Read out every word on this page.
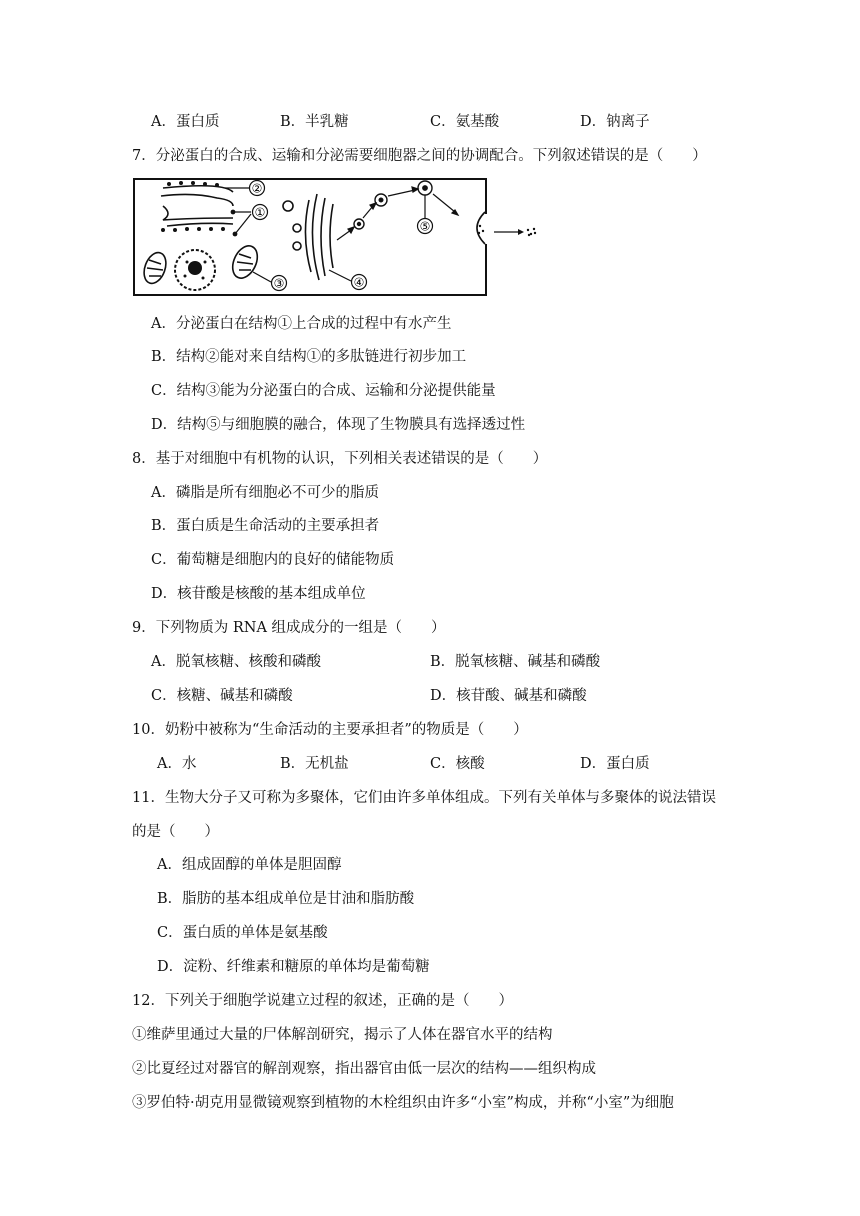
A．蛋白质	B．半乳糖	C．氨基酸	D．钠离子
7．分泌蛋白的合成、运输和分泌需要细胞器之间的协调配合。下列叙述错误的是（　　）
②
①
③	④
⑤
A．分泌蛋白在结构①上合成的过程中有水产生
B．结构②能对来自结构①的多肽链进行初步加工
C．结构③能为分泌蛋白的合成、运输和分泌提供能量
D．结构⑤与细胞膜的融合，体现了生物膜具有选择透过性
8．基于对细胞中有机物的认识，下列相关表述错误的是（　　）
A．磷脂是所有细胞必不可少的脂质
B．蛋白质是生命活动的主要承担者
C．葡萄糖是细胞内的良好的储能物质
D．核苷酸是核酸的基本组成单位
9．下列物质为 RNA 组成成分的一组是（　　）
A．脱氧核糖、核酸和磷酸	B．脱氧核糖、碱基和磷酸
C．核糖、碱基和磷酸	D．核苷酸、碱基和磷酸
10．奶粉中被称为“生命活动的主要承担者”的物质是（　　）
A．水	B．无机盐	C．核酸	D．蛋白质
11．生物大分子又可称为多聚体，它们由许多单体组成。下列有关单体与多聚体的说法错误
的是（　　）
A．组成固醇的单体是胆固醇
B．脂肪的基本组成单位是甘油和脂肪酸
C．蛋白质的单体是氨基酸
D．淀粉、纤维素和糖原的单体均是葡萄糖
12．下列关于细胞学说建立过程的叙述，正确的是（　　）
①维萨里通过大量的尸体解剖研究，揭示了人体在器官水平的结构
②比夏经过对器官的解剖观察，指出器官由低一层次的结构——组织构成
③罗伯特·胡克用显微镜观察到植物的木栓组织由许多“小室”构成，并称“小室”为细胞
